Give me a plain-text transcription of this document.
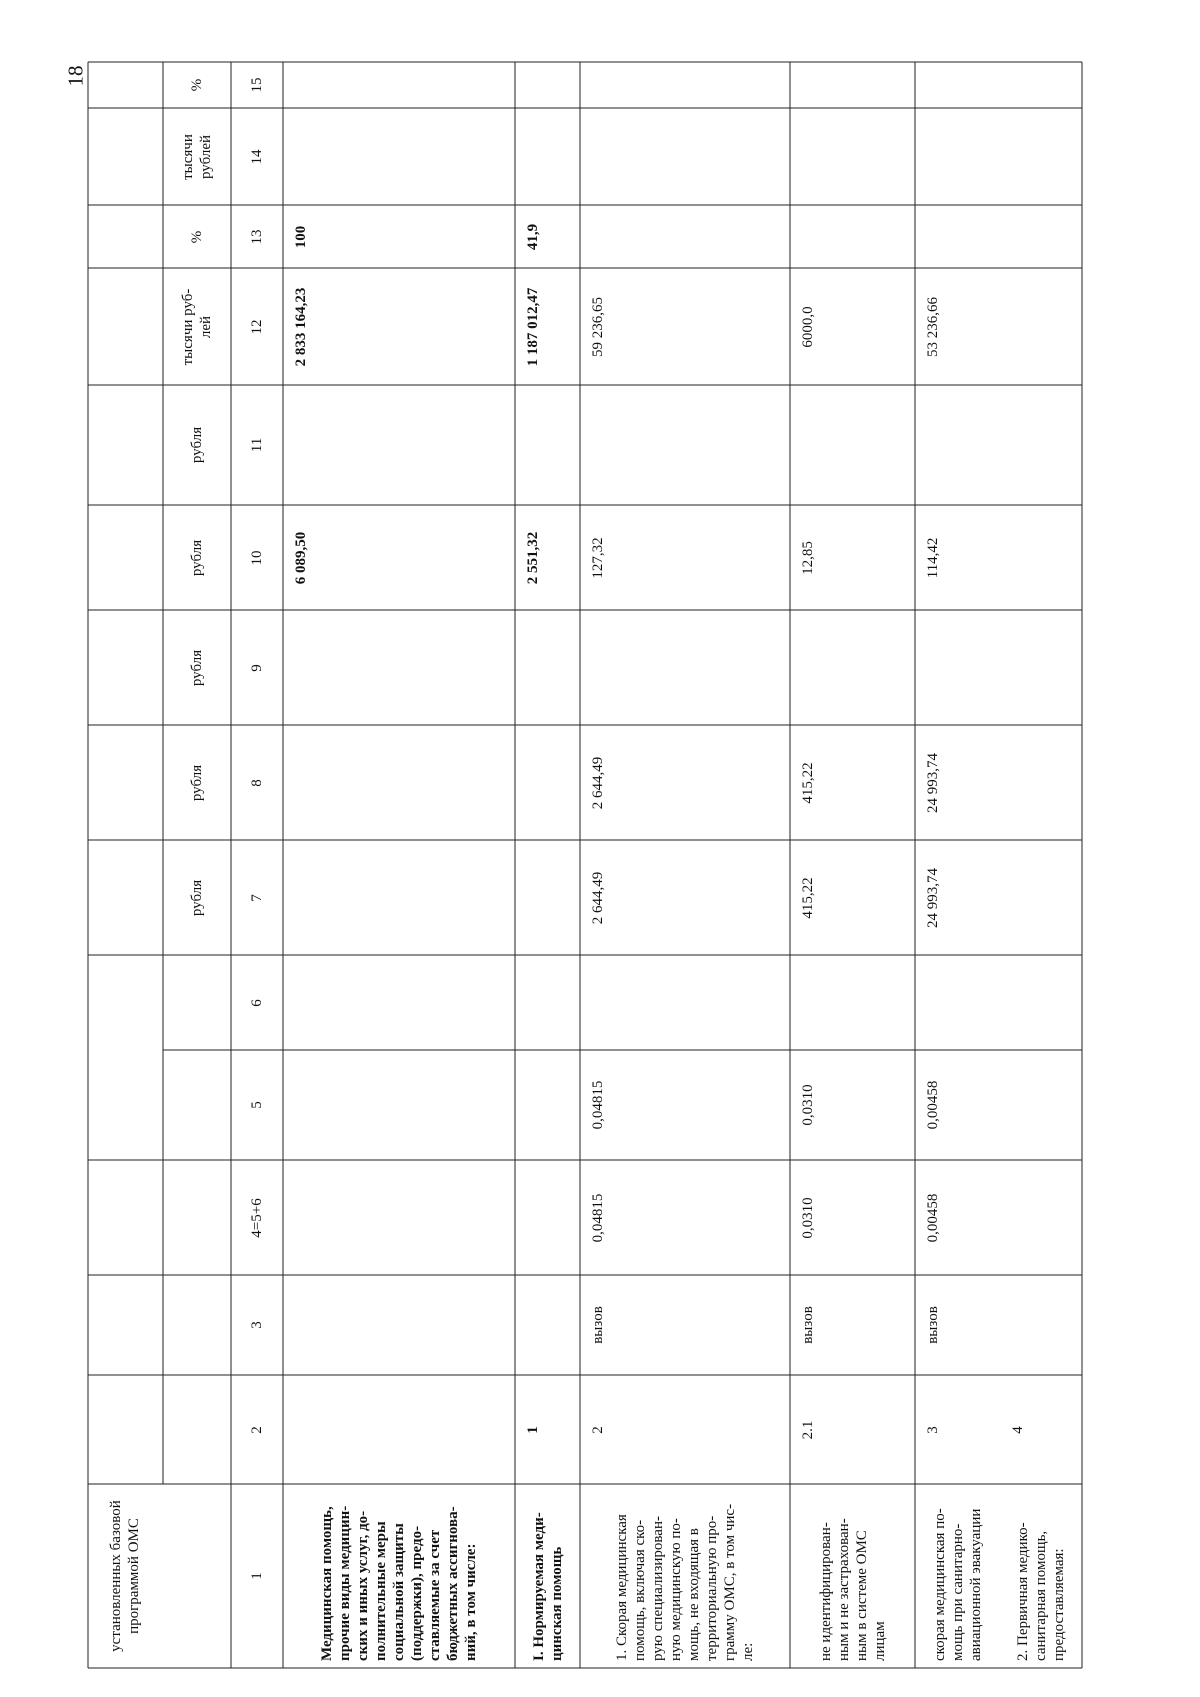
18
установленных базовой
программой ОМС
рубля
рубля
рубля
рубля
рубля
тысячи руб-
лей
%
тысячи
рублей
%
1
2
3
4=5+6
5
6
7
8
9
10
11
12
13
14
15
Медицинская помощь,
прочие виды медицин-
ских и иных услуг, до-
полнительные меры
социальной защиты
(поддержки), предо-
ставляемые за счет
бюджетных ассигнова-
ний, в том числе:
6 089,50
2 833 164,23
100
I. Нормируемая меди-
цинская помощь
1
2 551,32
1 187 012,47
41,9
1. Скорая медицинская
помощь, включая ско-
рую специализирован-
ную медицинскую по-
мощь, не входящая в
территориальную про-
грамму ОМС, в том чис-
ле:
2
вызов
0,04815
0,04815
2 644,49
2 644,49
127,32
59 236,65
не идентифицирован-
ным и не застрахован-
ным в системе ОМС
лицам
2.1
вызов
0,0310
0,0310
415,22
415,22
12,85
6000,0
скорая медицинская по-
мощь при санитарно-
авиационной эвакуации
3
вызов
0,00458
0,00458
24 993,74
24 993,74
114,42
53 236,66
2. Первичная медико-
санитарная помощь,
предоставляемая:
4
